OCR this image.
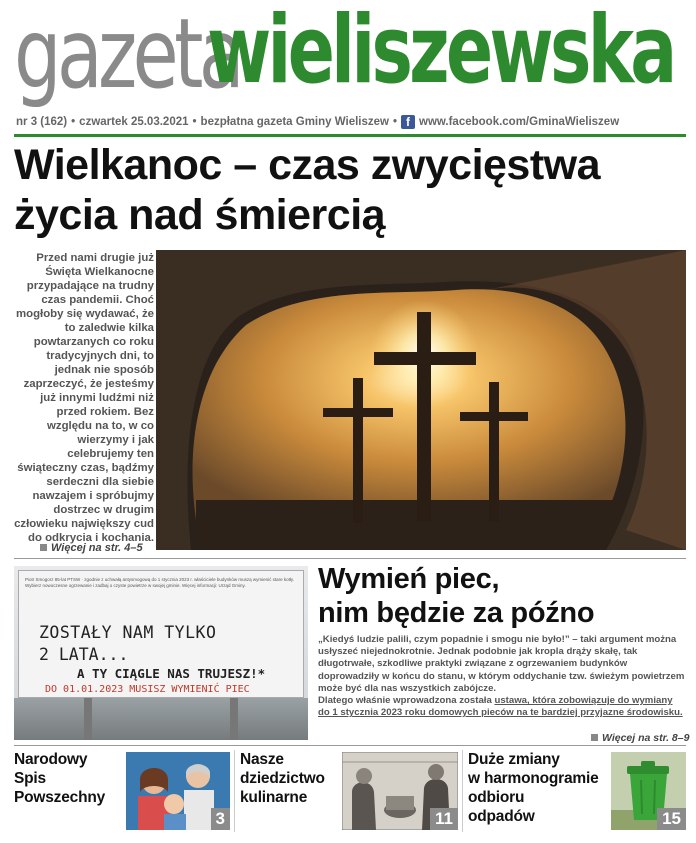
gazeta
wieliszewska
nr 3 (162) • czwartek 25.03.2021 • bezpłatna gazeta Gminy Wieliszew • f www.facebook.com/GminaWieliszew
Wielkanoc – czas zwycięstwa
życia nad śmiercią

Przed nami drugie już Święta Wielkanocne przypadające na trudny czas pandemii. Choć mogłoby się wydawać, że to zaledwie kilka powtarzanych co roku tradycyjnych dni, to jednak nie sposób zaprzeczyć, że jesteśmy już innymi ludźmi niż przed rokiem. Bez względu na to, w co wierzymy i jak celebrujemy ten świąteczny czas, bądźmy serdeczni dla siebie nawzajem i spróbujmy dostrzec w drugim człowieku największy cud do odkrycia i kochania.

Więcej na str. 4–5
Piotr Smogorz 85-lat PTSW · zgodnie z uchwałą antysmogową do 1 stycznia 2023 r. właściciele budynków muszą wymienić stare kotły. Wybierz nowoczesne ogrzewanie i zadbaj o czyste powietrze w swojej gminie. Więcej informacji: Urząd Gminy.
ZOSTAŁY NAM TYLKO
2 LATA...
A TY CIĄGLE NAS TRUJESZ!*
DO 01.01.2023 MUSISZ WYMIENIĆ PIEC
Wymień piec,
nim będzie za późno

„Kiedyś ludzie palili, czym popadnie i smogu nie było!” – taki argument można usłyszeć niejednokrotnie. Jednak podobnie jak kropla drąży skałę, tak długotrwałe, szkodliwe praktyki związane z ogrzewaniem budynków doprowadziły w końcu do stanu, w którym oddychanie tzw. świeżym powietrzem może być dla nas wszystkich zabójcze.
Dlatego właśnie wprowadzona została ustawa, która zobowiązuje do wymiany do 1 stycznia 2023 roku domowych pieców na te bardziej przyjazne środowisku.

Więcej na str. 8–9
Narodowy
Spis
Powszechny
3
Nasze
dziedzictwo
kulinarne
11
Duże zmiany
w harmonogramie
odbioru
odpadów	15
